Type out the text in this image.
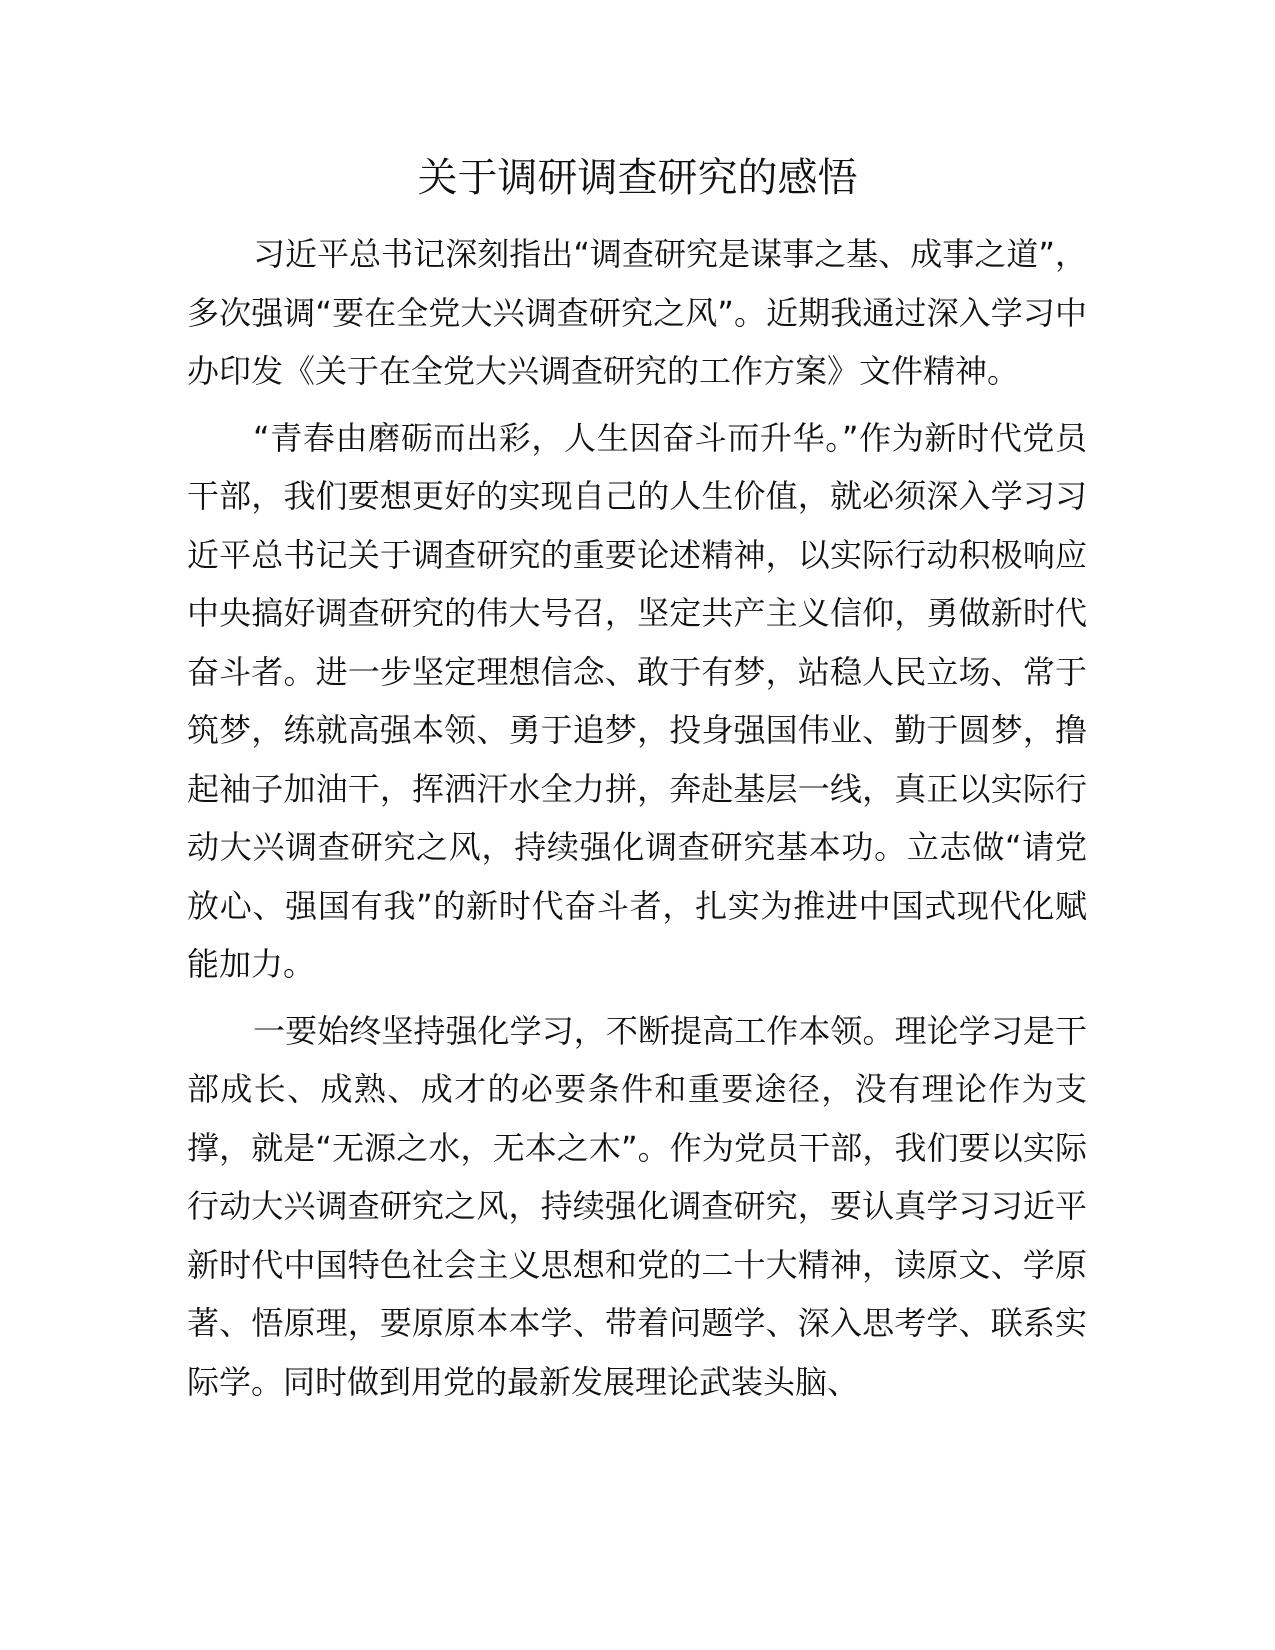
关于调研调查研究的感悟

习近平总书记深刻指出“调查研究是谋事之基、成事之道”，多次强调“要在全党大兴调查研究之风”。近期我通过深入学习中办印发《关于在全党大兴调查研究的工作方案》文件精神。

“青春由磨砺而出彩，人生因奋斗而升华。”作为新时代党员干部，我们要想更好的实现自己的人生价值，就必须深入学习习近平总书记关于调查研究的重要论述精神，以实际行动积极响应中央搞好调查研究的伟大号召，坚定共产主义信仰，勇做新时代奋斗者。进一步坚定理想信念、敢于有梦，站稳人民立场、常于筑梦，练就高强本领、勇于追梦，投身强国伟业、勤于圆梦，撸起袖子加油干，挥洒汗水全力拼，奔赴基层一线，真正以实际行动大兴调查研究之风，持续强化调查研究基本功。立志做“请党放心、强国有我”的新时代奋斗者，扎实为推进中国式现代化赋能加力。

一要始终坚持强化学习，不断提高工作本领。理论学习是干部成长、成熟、成才的必要条件和重要途径，没有理论作为支撑，就是“无源之水，无本之木”。作为党员干部，我们要以实际行动大兴调查研究之风，持续强化调查研究，要认真学习习近平新时代中国特色社会主义思想和党的二十大精神，读原文、学原著、悟原理，要原原本本学、带着问题学、深入思考学、联系实际学。同时做到用党的最新发展理论武装头脑、
